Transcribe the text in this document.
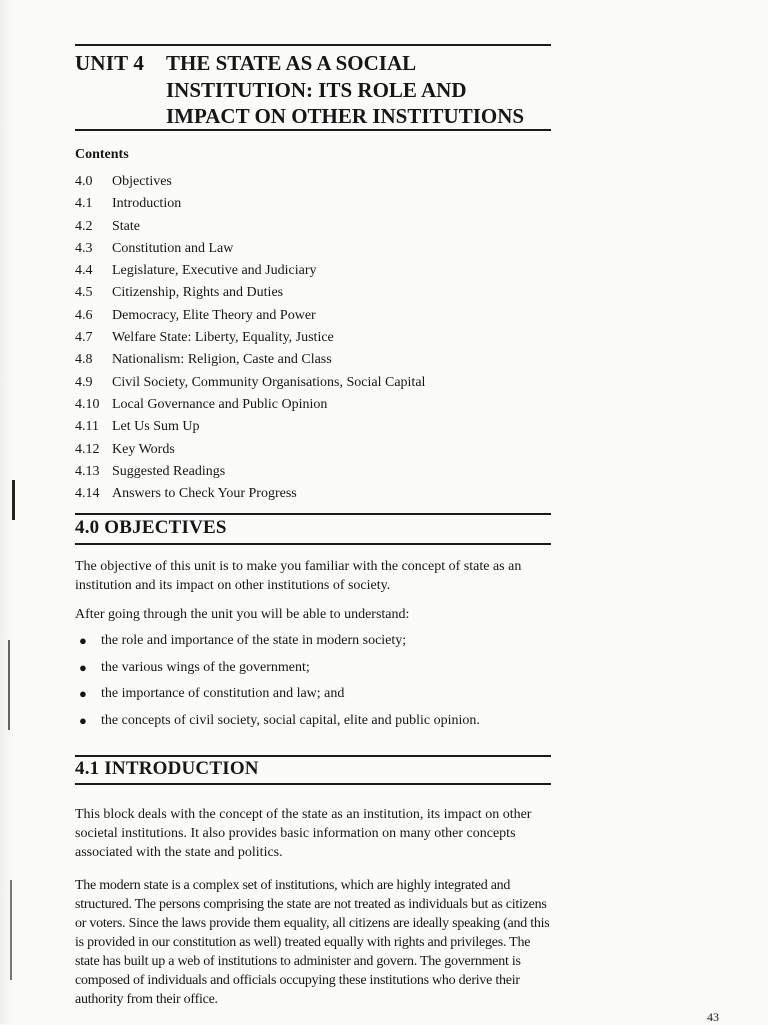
UNIT 4 THE STATE AS A SOCIAL
INSTITUTION: ITS ROLE AND
IMPACT ON OTHER INSTITUTIONS
Contents
4.0	Objectives
4.1	Introduction
4.2	State
4.3	Constitution and Law
4.4	Legislature, Executive and Judiciary
4.5	Citizenship, Rights and Duties
4.6	Democracy, Elite Theory and Power
4.7	Welfare State: Liberty, Equality, Justice
4.8	Nationalism: Religion, Caste and Class
4.9	Civil Society, Community Organisations, Social Capital
4.10 Local Governance and Public Opinion
4.11 Let Us Sum Up
4.12 Key Words
4.13 Suggested Readings
4.14 Answers to Check Your Progress
4.0 OBJECTIVES
The objective of this unit is to make you familiar with the concept of state as an institution and its impact on other institutions of society.
After going through the unit you will be able to understand:
● the role and importance of the state in modern society;
● the various wings of the government;
● the importance of constitution and law; and
● the concepts of civil society, social capital, elite and public opinion.
4.1 INTRODUCTION
This block deals with the concept of the state as an institution, its impact on other societal institutions. It also provides basic information on many other concepts associated with the state and politics.
The modern state is a complex set of institutions, which are highly integrated and structured. The persons comprising the state are not treated as individuals but as citizens or voters. Since the laws provide them equality, all citizens are ideally speaking (and this is provided in our constitution as well) treated equally with rights and privileges. The state has built up a web of institutions to administer and govern. The government is composed of individuals and officials occupying these institutions who derive their authority from their office.
43
